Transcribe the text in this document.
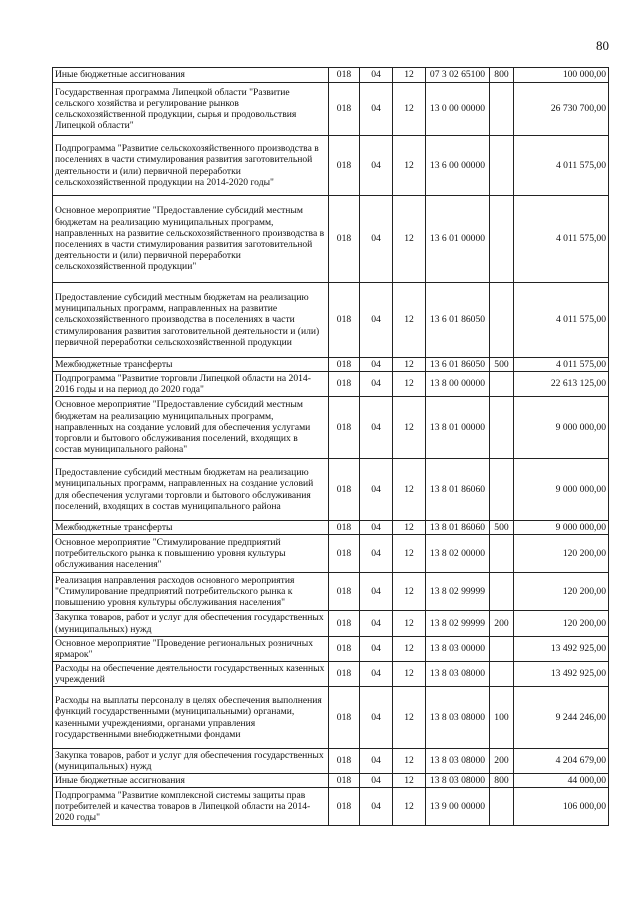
80
Иные бюджетные ассигнования	018	04	12	07 3 02 65100	800	100 000,00
Государственная программа Липецкой области "Развитие сельского хозяйства и регулирование рынков сельскохозяйственной продукции, сырья и продовольствия Липецкой области"	018	04	12	13 0 00 00000		26 730 700,00
Подпрограмма "Развитие сельскохозяйственного производства в поселениях в части стимулирования развития заготовительной деятельности и (или) первичной переработки сельскохозяйственной продукции на 2014-2020 годы"	018	04	12	13 6 00 00000		4 011 575,00
Основное мероприятие "Предоставление субсидий местным бюджетам на реализацию муниципальных программ, направленных на развитие сельскохозяйственного производства в поселениях в части стимулирования развития заготовительной деятельности и (или) первичной переработки сельскохозяйственной продукции"	018	04	12	13 6 01 00000		4 011 575,00
Предоставление субсидий местным бюджетам на реализацию муниципальных программ, направленных на развитие сельскохозяйственного производства в поселениях в части стимулирования развития заготовительной деятельности и (или) первичной переработки сельскохозяйственной продукции	018	04	12	13 6 01 86050		4 011 575,00
Межбюджетные трансферты	018	04	12	13 6 01 86050	500	4 011 575,00
Подпрограмма "Развитие торговли Липецкой области на 2014-2016 годы и на период до 2020 года"	018	04	12	13 8 00 00000		22 613 125,00
Основное мероприятие "Предоставление субсидий местным бюджетам на реализацию муниципальных программ, направленных на создание условий для обеспечения услугами торговли и бытового обслуживания поселений, входящих в состав муниципального района"	018	04	12	13 8 01 00000		9 000 000,00
Предоставление субсидий местным бюджетам на реализацию муниципальных программ, направленных на создание условий для обеспечения услугами торговли и бытового обслуживания поселений, входящих в состав муниципального района	018	04	12	13 8 01 86060		9 000 000,00
Межбюджетные трансферты	018	04	12	13 8 01 86060	500	9 000 000,00
Основное мероприятие "Стимулирование предприятий потребительского рынка к повышению уровня культуры обслуживания населения"	018	04	12	13 8 02 00000		120 200,00
Реализация направления расходов основного мероприятия "Стимулирование предприятий потребительского рынка к повышению уровня культуры обслуживания населения"	018	04	12	13 8 02 99999		120 200,00
Закупка товаров, работ и услуг для обеспечения государственных (муниципальных) нужд	018	04	12	13 8 02 99999	200	120 200,00
Основное мероприятие "Проведение региональных розничных ярмарок"	018	04	12	13 8 03 00000		13 492 925,00
Расходы на обеспечение деятельности государственных казенных учреждений	018	04	12	13 8 03 08000		13 492 925,00
Расходы на выплаты персоналу в целях обеспечения выполнения функций государственными (муниципальными) органами, казенными учреждениями, органами управления государственными внебюджетными фондами	018	04	12	13 8 03 08000	100	9 244 246,00
Закупка товаров, работ и услуг для обеспечения государственных (муниципальных) нужд	018	04	12	13 8 03 08000	200	4 204 679,00
Иные бюджетные ассигнования	018	04	12	13 8 03 08000	800	44 000,00
Подпрограмма "Развитие комплексной системы защиты прав потребителей и качества товаров в Липецкой области на 2014-2020 годы"	018	04	12	13 9 00 00000		106 000,00
